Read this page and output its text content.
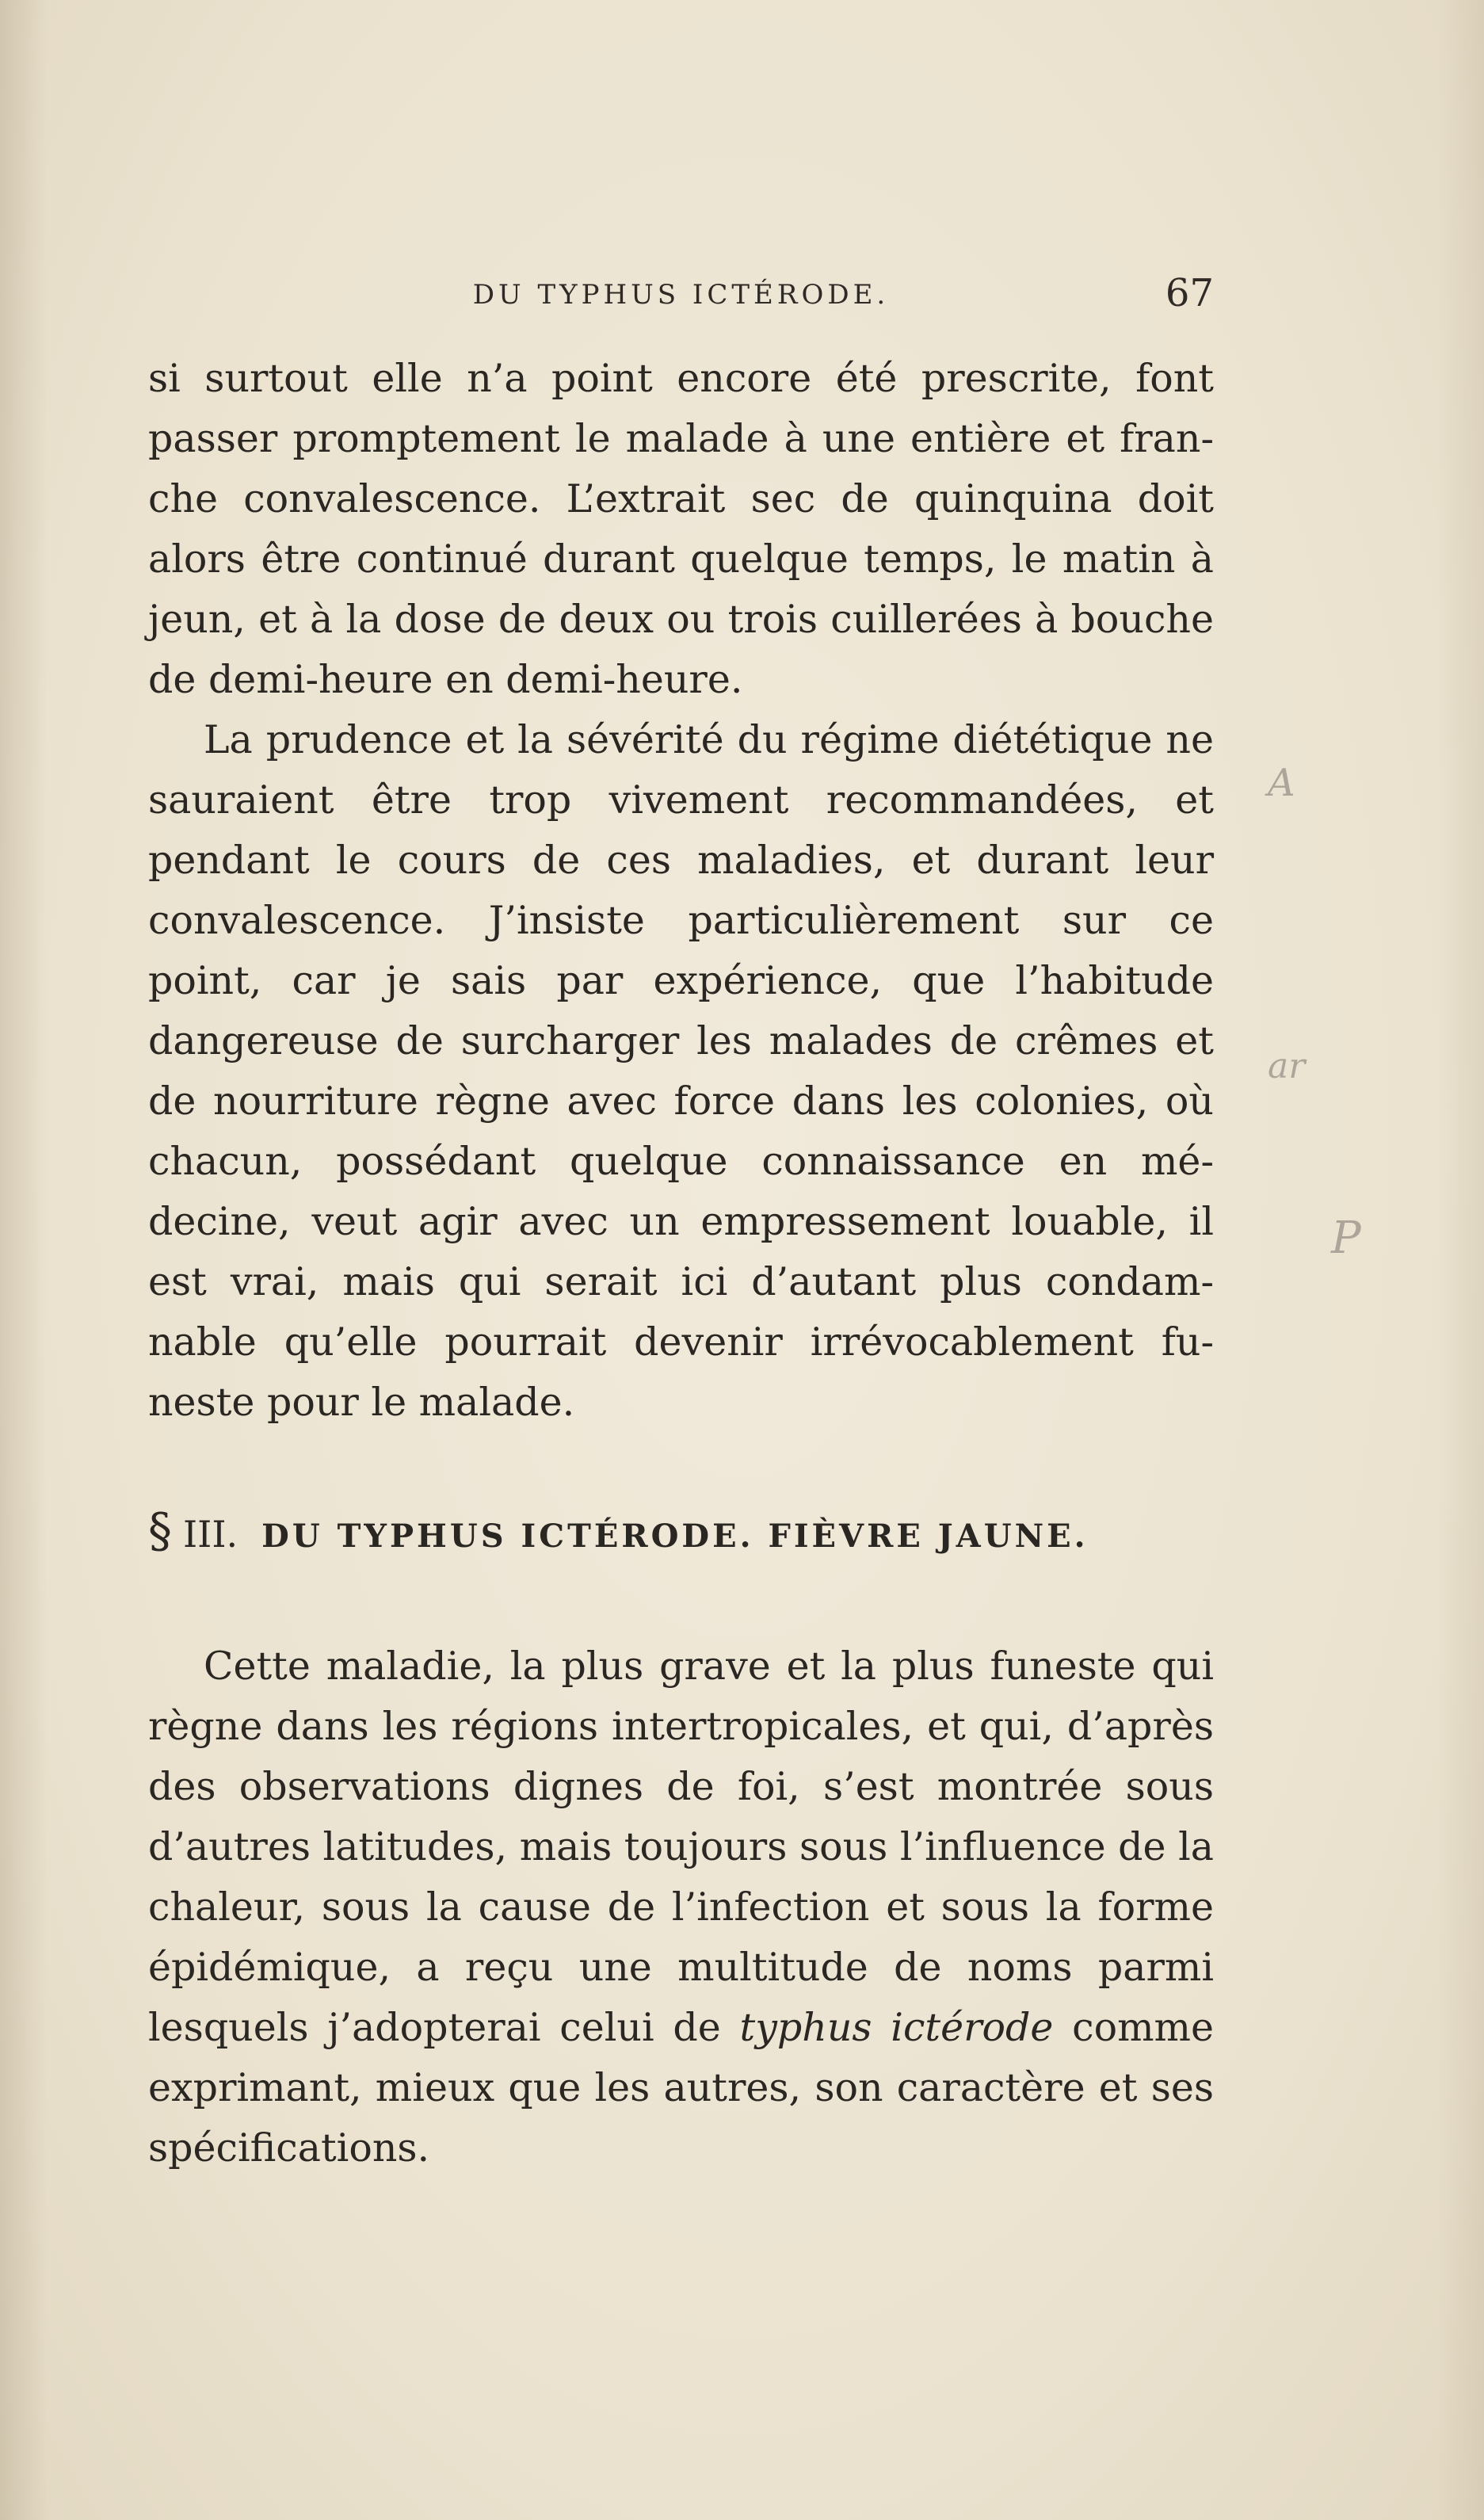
DU TYPHUS ICTÉRODE.	67

si surtout elle n’a point encore été prescrite, font passer promptement le malade à une entière et franche convalescence. L’extrait sec de quinquina doit alors être continué durant quelque temps, le matin à jeun, et à la dose de deux ou trois cuillerées à bouche de demi-heure en demi-heure.

La prudence et la sévérité du régime diététique ne sauraient être trop vivement recommandées, et pendant le cours de ces maladies, et durant leur convalescence. J’insiste particulièrement sur ce point, car je sais par expérience, que l’habitude dangereuse de surcharger les malades de crêmes et de nourriture règne avec force dans les colonies, où chacun, possédant quelque connaissance en médecine, veut agir avec un empressement louable, il est vrai, mais qui serait ici d’autant plus condamnable qu’elle pourrait devenir irrévocablement funeste pour le malade.

§ III. DU TYPHUS ICTÉRODE. FIÈVRE JAUNE.

Cette maladie, la plus grave et la plus funeste qui règne dans les régions intertropicales, et qui, d’après des observations dignes de foi, s’est montrée sous d’autres latitudes, mais toujours sous l’influence de la chaleur, sous la cause de l’infection et sous la forme épidémique, a reçu une multitude de noms parmi lesquels j’adopterai celui de typhus ictérode comme exprimant, mieux que les autres, son caractère et ses spécifications.

A
ar
P
